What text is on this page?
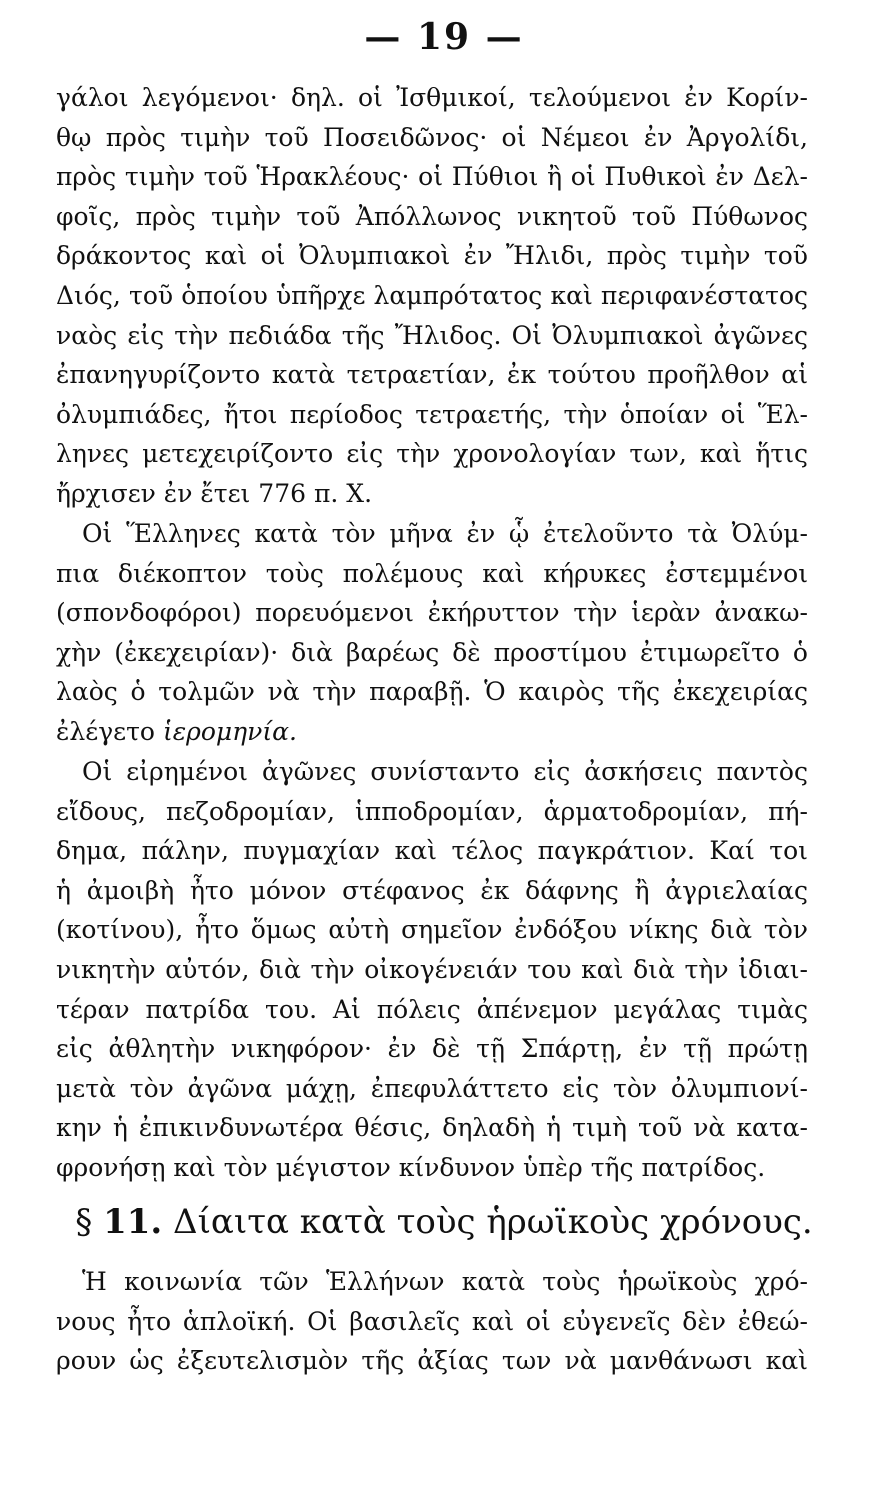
— 19 —
γάλοι λεγόμενοι· δηλ. οἱ Ἰσθμικοί, τελούμενοι ἐν Κορίν-
θῳ πρὸς τιμὴν τοῦ Ποσειδῶνος· οἱ Νέμεοι ἐν Ἀργολίδι,
πρὸς τιμὴν τοῦ Ἡρακλέους· οἱ Πύθιοι ἢ οἱ Πυθικοὶ ἐν Δελ-
φοῖς, πρὸς τιμὴν τοῦ Ἀπόλλωνος νικητοῦ τοῦ Πύθωνος
δράκοντος καὶ οἱ Ὀλυμπιακοὶ ἐν Ἤλιδι, πρὸς τιμὴν τοῦ
Διός, τοῦ ὁποίου ὑπῆρχε λαμπρότατος καὶ περιφανέστατος
ναὸς εἰς τὴν πεδιάδα τῆς Ἤλιδος. Οἱ Ὀλυμπιακοὶ ἀγῶνες
ἐπανηγυρίζοντο κατὰ τετραετίαν, ἐκ τούτου προῆλθον αἱ
ὀλυμπιάδες, ἤτοι περίοδος τετραετής, τὴν ὁποίαν οἱ Ἕλ-
ληνες μετεχειρίζοντο εἰς τὴν χρονολογίαν των, καὶ ἥτις
ἤρχισεν ἐν ἔτει 776 π. Χ.
Οἱ Ἕλληνες κατὰ τὸν μῆνα ἐν ᾧ ἐτελοῦντο τὰ Ὀλύμ-
πια διέκοπτον τοὺς πολέμους καὶ κήρυκες ἐστεμμένοι
(σπονδοφόροι) πορευόμενοι ἐκήρυττον τὴν ἱερὰν ἀνακω-
χὴν (ἐκεχειρίαν)· διὰ βαρέως δὲ προστίμου ἐτιμωρεῖτο ὁ
λαὸς ὁ τολμῶν νὰ τὴν παραβῇ. Ὁ καιρὸς τῆς ἐκεχειρίας
ἐλέγετο ἱερομηνία.
Οἱ εἰρημένοι ἀγῶνες συνίσταντο εἰς ἀσκήσεις παντὸς
εἴδους, πεζοδρομίαν, ἱπποδρομίαν, ἁρματοδρομίαν, πή-
δημα, πάλην, πυγμαχίαν καὶ τέλος παγκράτιον. Καί τοι
ἡ ἀμοιβὴ ἦτο μόνον στέφανος ἐκ δάφνης ἢ ἀγριελαίας
(κοτίνου), ἦτο ὅμως αὐτὴ σημεῖον ἐνδόξου νίκης διὰ τὸν
νικητὴν αὐτόν, διὰ τὴν οἰκογένειάν του καὶ διὰ τὴν ἰδιαι-
τέραν πατρίδα του. Αἱ πόλεις ἀπένεμον μεγάλας τιμὰς
εἰς ἀθλητὴν νικηφόρον· ἐν δὲ τῇ Σπάρτῃ, ἐν τῇ πρώτῃ
μετὰ τὸν ἀγῶνα μάχῃ, ἐπεφυλάττετο εἰς τὸν ὀλυμπιονί-
κην ἡ ἐπικινδυνωτέρα θέσις, δηλαδὴ ἡ τιμὴ τοῦ νὰ κατα-
φρονήσῃ καὶ τὸν μέγιστον κίνδυνον ὑπὲρ τῆς πατρίδος.
§ 11. Δίαιτα κατὰ τοὺς ἡρωϊκοὺς χρόνους.
Ἡ κοινωνία τῶν Ἑλλήνων κατὰ τοὺς ἡρωϊκοὺς χρό-
νους ἦτο ἁπλοϊκή. Οἱ βασιλεῖς καὶ οἱ εὐγενεῖς δὲν ἐθεώ-
ρουν ὡς ἐξευτελισμὸν τῆς ἀξίας των νὰ μανθάνωσι καὶ
